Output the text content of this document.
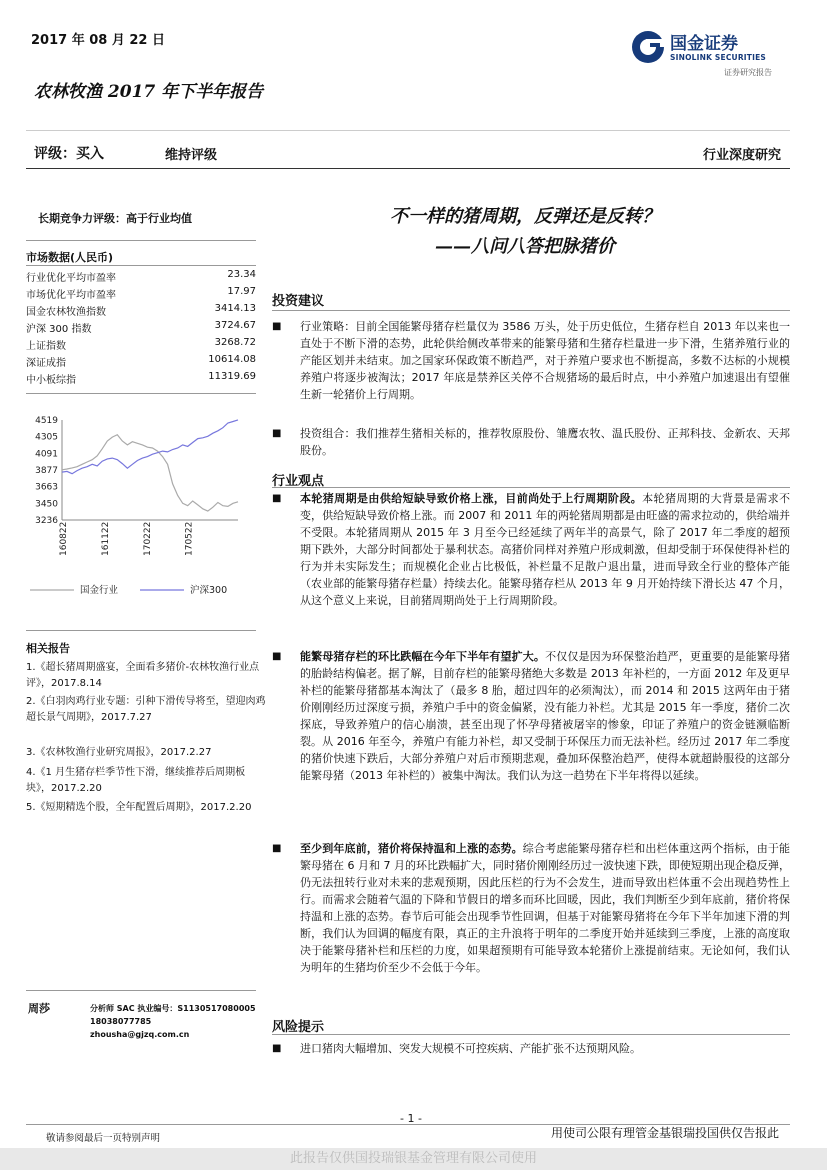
2017 年 08 月 22 日
农林牧渔 2017 年下半年报告
国金证券
SINOLINK SECURITIES
证券研究报告
评级：买入	维持评级	行业深度研究
长期竞争力评级：高于行业均值
市场数据(人民币)
行业优化平均市盈率	23.34
市场优化平均市盈率	17.97
国金农林牧渔指数	3414.13
沪深 300 指数	3724.67
上证指数	3268.72
深证成指	10614.08
中小板综指	11319.69
3236
3450
3663
3877
4091
4305
4519
160822	161122	170222	170522
国金行业	沪深300
相关报告
1.《超长猪周期盛宴，全面看多猪价-农林牧渔行业点评》，2017.8.14
2.《白羽肉鸡行业专题：引种下滑传导将至，望迎肉鸡超长景气周期》，2017.7.27
3.《农林牧渔行业研究周报》，2017.2.27
4.《1 月生猪存栏季节性下滑，继续推荐后周期板块》，2017.2.20
5.《短期精选个股，全年配置后周期》，2017.2.20
周莎	分析师 SAC 执业编号：S1130517080005
18038077785
zhousha@gjzq.com.cn
不一样的猪周期，反弹还是反转？
——八问八答把脉猪价
投资建议
■ 行业策略：目前全国能繁母猪存栏量仅为 3586 万头，处于历史低位，生猪存栏自 2013 年以来也一直处于不断下滑的态势，此轮供给侧改革带来的能繁母猪和生猪存栏量进一步下滑，生猪养殖行业的产能区划并未结束。加之国家环保政策不断趋严，对于养殖户要求也不断提高，多数不达标的小规模养殖户将逐步被淘汰；2017 年底是禁养区关停不合规猪场的最后时点，中小养殖户加速退出有望催生新一轮猪价上行周期。
■ 投资组合：我们推荐生猪相关标的，推荐牧原股份、雏鹰农牧、温氏股份、正邦科技、金新农、天邦股份。
行业观点
■ 本轮猪周期是由供给短缺导致价格上涨，目前尚处于上行周期阶段。本轮猪周期的大背景是需求不变，供给短缺导致价格上涨。而 2007 和 2011 年的两轮猪周期都是由旺盛的需求拉动的，供给端并不受限。本轮猪周期从 2015 年 3 月至今已经延续了两年半的高景气，除了 2017 年二季度的超预期下跌外，大部分时间都处于暴利状态。高猪价同样对养殖户形成刺激，但却受制于环保使得补栏的行为并未实际发生；而规模化企业占比极低，补栏量不足散户退出量，进而导致全行业的整体产能（农业部的能繁母猪存栏量）持续去化。能繁母猪存栏从 2013 年 9 月开始持续下滑长达 47 个月，从这个意义上来说，目前猪周期尚处于上行周期阶段。
■ 能繁母猪存栏的环比跌幅在今年下半年有望扩大。不仅仅是因为环保整治趋严，更重要的是能繁母猪的胎龄结构偏老。据了解，目前存栏的能繁母猪绝大多数是 2013 年补栏的，一方面 2012 年及更早补栏的能繁母猪都基本淘汰了（最多 8 胎，超过四年的必须淘汰），而 2014 和 2015 这两年由于猪价刚刚经历过深度亏损，养殖户手中的资金偏紧，没有能力补栏。尤其是 2015 年一季度，猪价二次探底，导致养殖户的信心崩溃，甚至出现了怀孕母猪被屠宰的惨象，印证了养殖户的资金链濒临断裂。从 2016 年至今，养殖户有能力补栏，却又受制于环保压力而无法补栏。经历过 2017 年二季度的猪价快速下跌后，大部分养殖户对后市预期悲观，叠加环保整治趋严，使得本就超龄服役的这部分能繁母猪（2013 年补栏的）被集中淘汰。我们认为这一趋势在下半年将得以延续。
■ 至少到年底前，猪价将保持温和上涨的态势。综合考虑能繁母猪存栏和出栏体重这两个指标，由于能繁母猪在 6 月和 7 月的环比跌幅扩大，同时猪价刚刚经历过一波快速下跌，即使短期出现企稳反弹，仍无法扭转行业对未来的悲观预期，因此压栏的行为不会发生，进而导致出栏体重不会出现趋势性上行。而需求会随着气温的下降和节假日的增多而环比回暖，因此，我们判断至少到年底前，猪价将保持温和上涨的态势。春节后可能会出现季节性回调，但基于对能繁母猪将在今年下半年加速下滑的判断，我们认为回调的幅度有限，真正的主升浪将于明年的二季度开始并延续到三季度，上涨的高度取决于能繁母猪补栏和压栏的力度，如果超预期有可能导致本轮猪价上涨提前结束。无论如何，我们认为明年的生猪均价至少不会低于今年。
风险提示
■ 进口猪肉大幅增加、突发大规模不可控疾病、产能扩张不达预期风险。
- 1 -
敬请参阅最后一页特别声明	用使司公限有理管金基银瑞投国供仅告报此
此报告仅供国投瑞银基金管理有限公司使用
